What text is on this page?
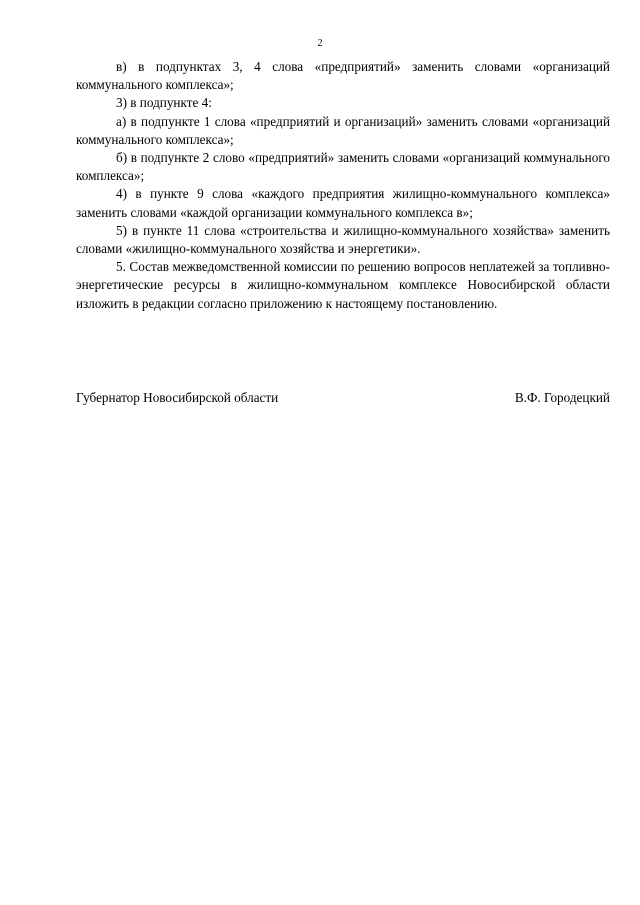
2

в) в подпунктах 3, 4 слова «предприятий» заменить словами «организаций коммунального комплекса»;

3) в подпункте 4:

а) в подпункте 1 слова «предприятий и организаций» заменить словами «организаций коммунального комплекса»;

б) в подпункте 2 слово «предприятий» заменить словами «организаций коммунального комплекса»;

4) в пункте 9 слова «каждого предприятия жилищно-коммунального комплекса» заменить словами «каждой организации коммунального комплекса в»;

5) в пункте 11 слова «строительства и жилищно-коммунального хозяйства» заменить словами «жилищно-коммунального хозяйства и энергетики».

5. Состав межведомственной комиссии по решению вопросов неплатежей за топливно-энергетические ресурсы в жилищно-коммунальном комплексе Новосибирской области изложить в редакции согласно приложению к настоящему постановлению.

Губернатор Новосибирской области	В.Ф. Городецкий
